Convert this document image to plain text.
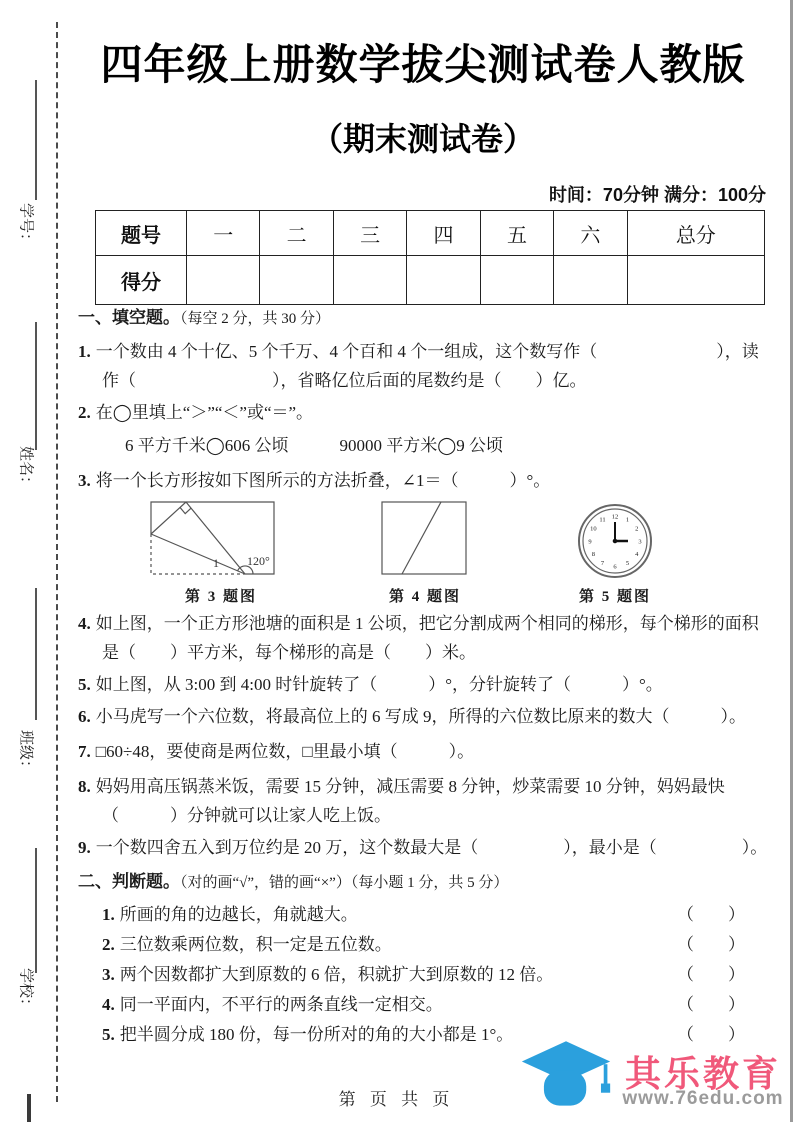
学号：
姓名：
班级：
学校：
四年级上册数学拔尖测试卷人教版
（期末测试卷）
时间：70分钟 满分：100分
题号	一	二	三	四	五	六	总分
得分							
一、填空题。（每空 2 分，共 30 分）
1. 一个数由 4 个十亿、5 个千万、4 个百和 4 个一组成，这个数写作（　　　　　　　），读作（　　　　　　　　），省略亿位后面的尾数约是（　　）亿。
2. 在◯里填上“＞”“＜”或“＝”。
6 平方千米◯606 公顷　　　90000 平方米◯9 公顷
3. 将一个长方形按如下图所示的方法折叠，∠1＝（　　　）°。
1 120°
第 3 题图	第 4 题图
1
2
3
4
5
6
7
8
9
10
11 12
第 5 题图
4. 如上图，一个正方形池塘的面积是 1 公顷，把它分割成两个相同的梯形，每个梯形的面积是（　　）平方米，每个梯形的高是（　　）米。
5. 如上图，从 3:00 到 4:00 时针旋转了（　　　）°，分针旋转了（　　　）°。
6. 小马虎写一个六位数，将最高位上的 6 写成 9，所得的六位数比原来的数大（　　　）。
7. □60÷48，要使商是两位数，□里最小填（　　　）。
8. 妈妈用高压锅蒸米饭，需要 15 分钟，减压需要 8 分钟，炒菜需要 10 分钟，妈妈最快（　　　）分钟就可以让家人吃上饭。
9. 一个数四舍五入到万位约是 20 万，这个数最大是（　　　　　），最小是（　　　　　）。
二、判断题。（对的画“√”，错的画“×”）（每小题 1 分，共 5 分）
1. 所画的角的边越长，角就越大。	（　　）
2. 三位数乘两位数，积一定是五位数。	（　　）
3. 两个因数都扩大到原数的 6 倍，积就扩大到原数的 12 倍。	（　　）
4. 同一平面内，不平行的两条直线一定相交。	（　　）
5. 把半圆分成 180 份，每一份所对的角的大小都是 1°。	（　　）
第 页 共 页
其乐教育
www.76edu.com
